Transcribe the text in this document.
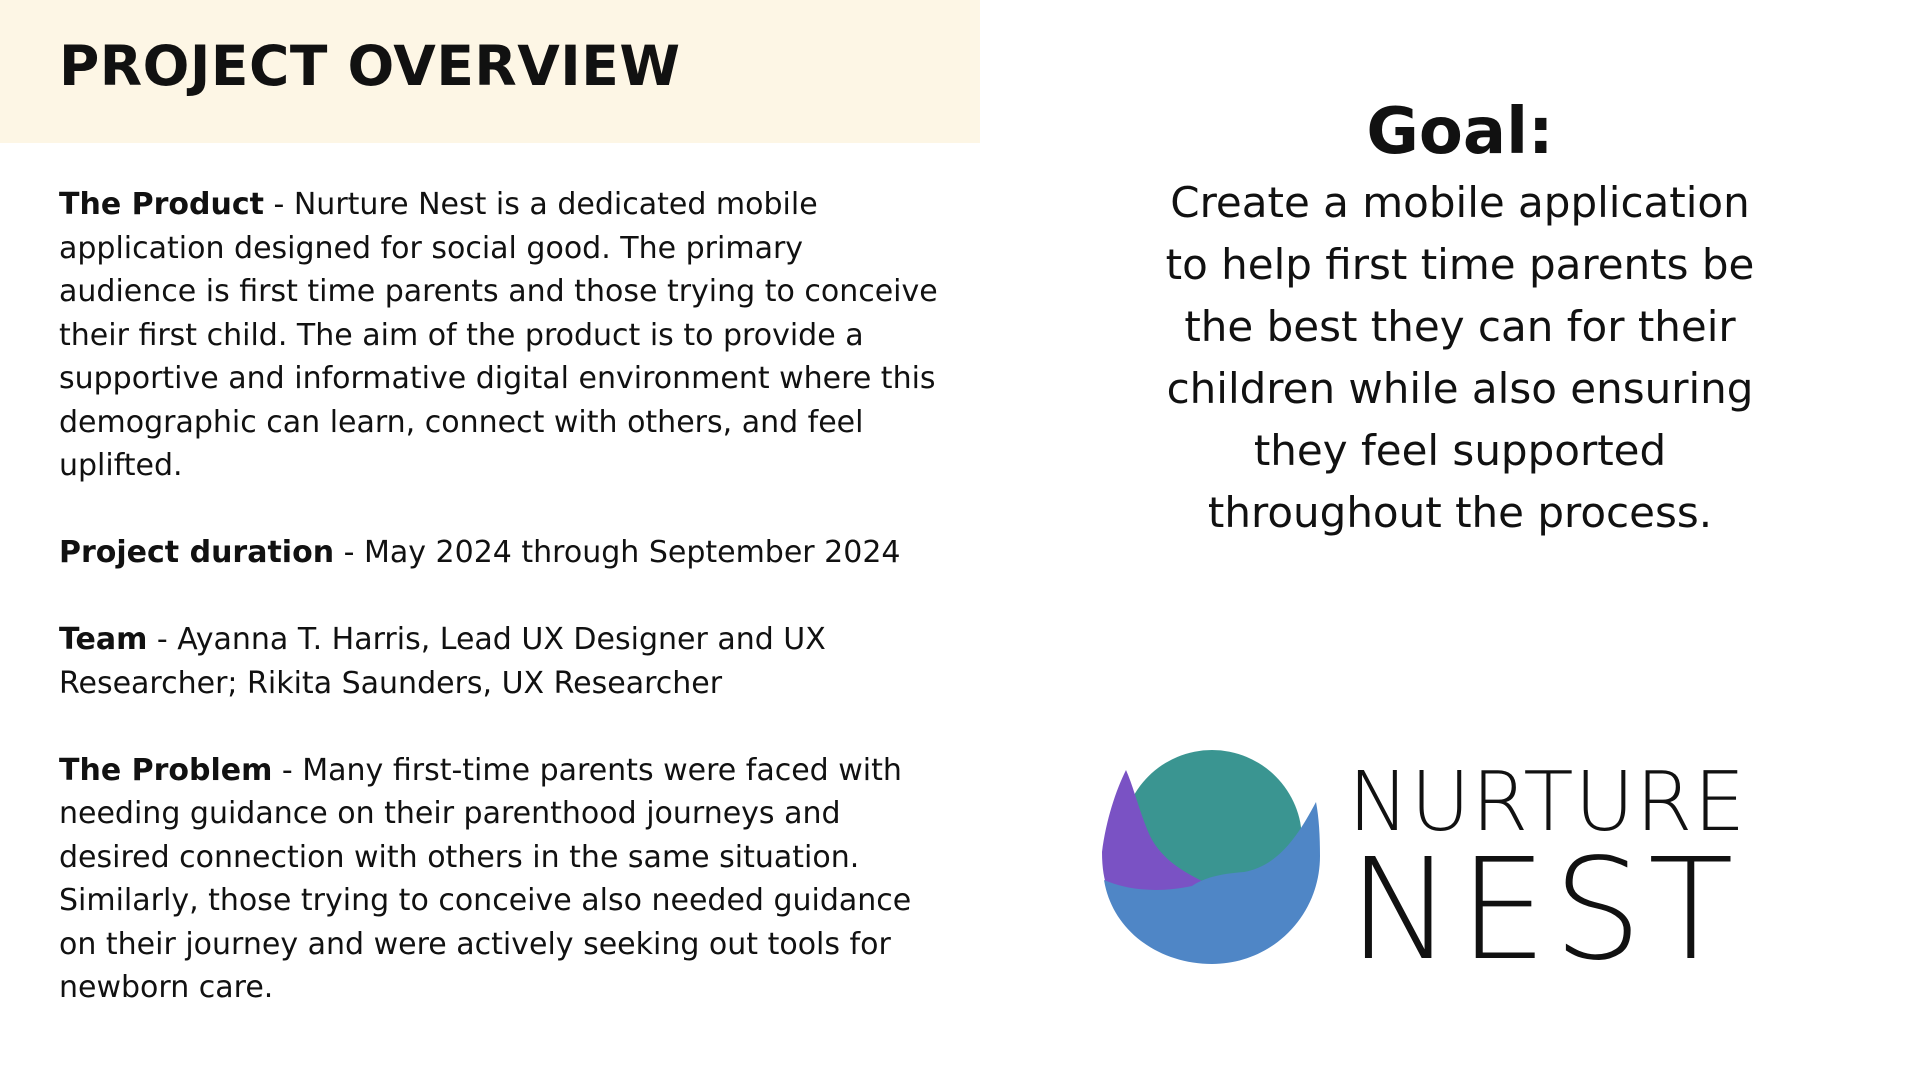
PROJECT OVERVIEW

The Product - Nurture Nest is a dedicated mobile application designed for social good. The primary audience is first time parents and those trying to conceive their first child. The aim of the product is to provide a supportive and informative digital environment where this demographic can learn, connect with others, and feel uplifted.

Project duration - May 2024 through September 2024

Team - Ayanna T. Harris, Lead UX Designer and UX Researcher; Rikita Saunders, UX Researcher

The Problem - Many first-time parents were faced with needing guidance on their parenthood journeys and desired connection with others in the same situation. Similarly, those trying to conceive also needed guidance on their journey and were actively seeking out tools for newborn care.

Goal:

Create a mobile application to help first time parents be the best they can for their children while also ensuring they feel supported throughout the process.

NURTURE
NEST
